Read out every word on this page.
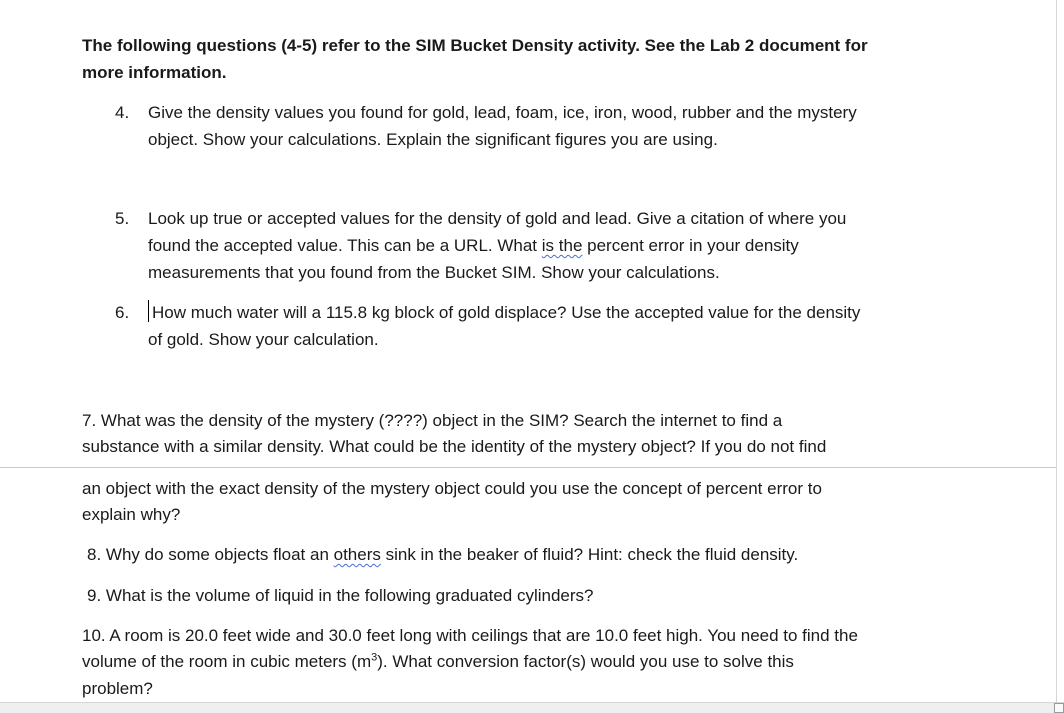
The following questions (4-5) refer to the SIM Bucket Density activity. See the Lab 2 document for
more information.
4. Give the density values you found for gold, lead, foam, ice, iron, wood, rubber and the mystery
object. Show your calculations. Explain the significant figures you are using.
5. Look up true or accepted values for the density of gold and lead. Give a citation of where you
found the accepted value. This can be a URL. What is the percent error in your density
measurements that you found from the Bucket SIM. Show your calculations.
6. How much water will a 115.8 kg block of gold displace? Use the accepted value for the density
of gold. Show your calculation.
7. What was the density of the mystery (????) object in the SIM? Search the internet to find a
substance with a similar density. What could be the identity of the mystery object? If you do not find
an object with the exact density of the mystery object could you use the concept of percent error to
explain why?
8. Why do some objects float an others sink in the beaker of fluid? Hint: check the fluid density.
9. What is the volume of liquid in the following graduated cylinders?
10. A room is 20.0 feet wide and 30.0 feet long with ceilings that are 10.0 feet high. You need to find the
volume of the room in cubic meters $(m^3)$. What conversion factor(s) would you use to solve this
problem?
